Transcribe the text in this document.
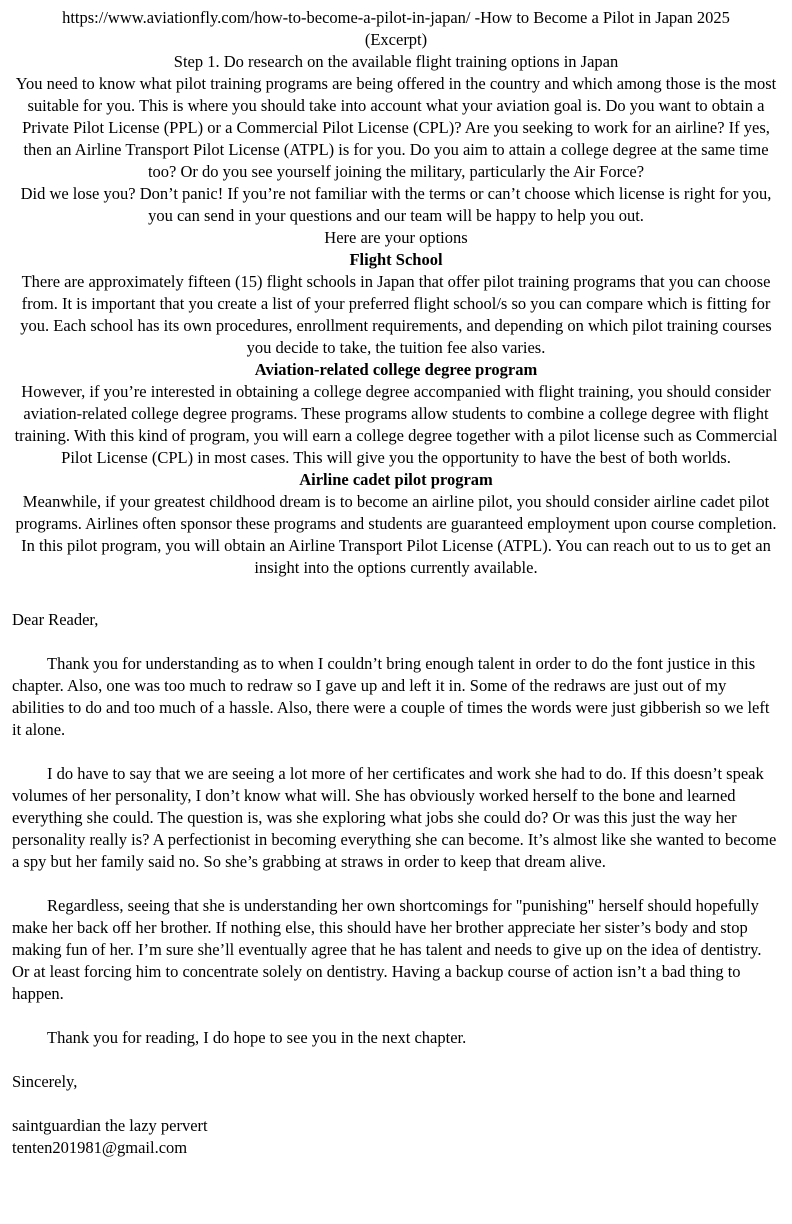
https://www.aviationfly.com/how-to-become-a-pilot-in-japan/ -How to Become a Pilot in Japan 2025

(Excerpt)

Step 1. Do research on the available flight training options in Japan

You need to know what pilot training programs are being offered in the country and which among those is the most suitable for you. This is where you should take into account what your aviation goal is. Do you want to obtain a Private Pilot License (PPL) or a Commercial Pilot License (CPL)? Are you seeking to work for an airline? If yes, then an Airline Transport Pilot License (ATPL) is for you. Do you aim to attain a college degree at the same time too? Or do you see yourself joining the military, particularly the Air Force?

Did we lose you? Don’t panic! If you’re not familiar with the terms or can’t choose which license is right for you, you can send in your questions and our team will be happy to help you out.

Here are your options

Flight School

There are approximately fifteen (15) flight schools in Japan that offer pilot training programs that you can choose from. It is important that you create a list of your preferred flight school/s so you can compare which is fitting for you. Each school has its own procedures, enrollment requirements, and depending on which pilot training courses you decide to take, the tuition fee also varies.

Aviation-related college degree program

However, if you’re interested in obtaining a college degree accompanied with flight training, you should consider aviation-related college degree programs. These programs allow students to combine a college degree with flight training. With this kind of program, you will earn a college degree together with a pilot license such as Commercial Pilot License (CPL) in most cases. This will give you the opportunity to have the best of both worlds.

Airline cadet pilot program

Meanwhile, if your greatest childhood dream is to become an airline pilot, you should consider airline cadet pilot programs. Airlines often sponsor these programs and students are guaranteed employment upon course completion. In this pilot program, you will obtain an Airline Transport Pilot License (ATPL). You can reach out to us to get an insight into the options currently available.

Dear Reader,

Thank you for understanding as to when I couldn’t bring enough talent in order to do the font justice in this chapter. Also, one was too much to redraw so I gave up and left it in. Some of the redraws are just out of my abilities to do and too much of a hassle. Also, there were a couple of times the words were just gibberish so we left it alone.

I do have to say that we are seeing a lot more of her certificates and work she had to do. If this doesn’t speak volumes of her personality, I don’t know what will. She has obviously worked herself to the bone and learned everything she could. The question is, was she exploring what jobs she could do? Or was this just the way her personality really is? A perfectionist in becoming everything she can become. It’s almost like she wanted to become a spy but her family said no. So she’s grabbing at straws in order to keep that dream alive.

Regardless, seeing that she is understanding her own shortcomings for "punishing" herself should hopefully make her back off her brother. If nothing else, this should have her brother appreciate her sister’s body and stop making fun of her. I’m sure she’ll eventually agree that he has talent and needs to give up on the idea of dentistry. Or at least forcing him to concentrate solely on dentistry. Having a backup course of action isn’t a bad thing to happen.

Thank you for reading, I do hope to see you in the next chapter.

Sincerely,

saintguardian the lazy pervert

tenten201981@gmail.com
